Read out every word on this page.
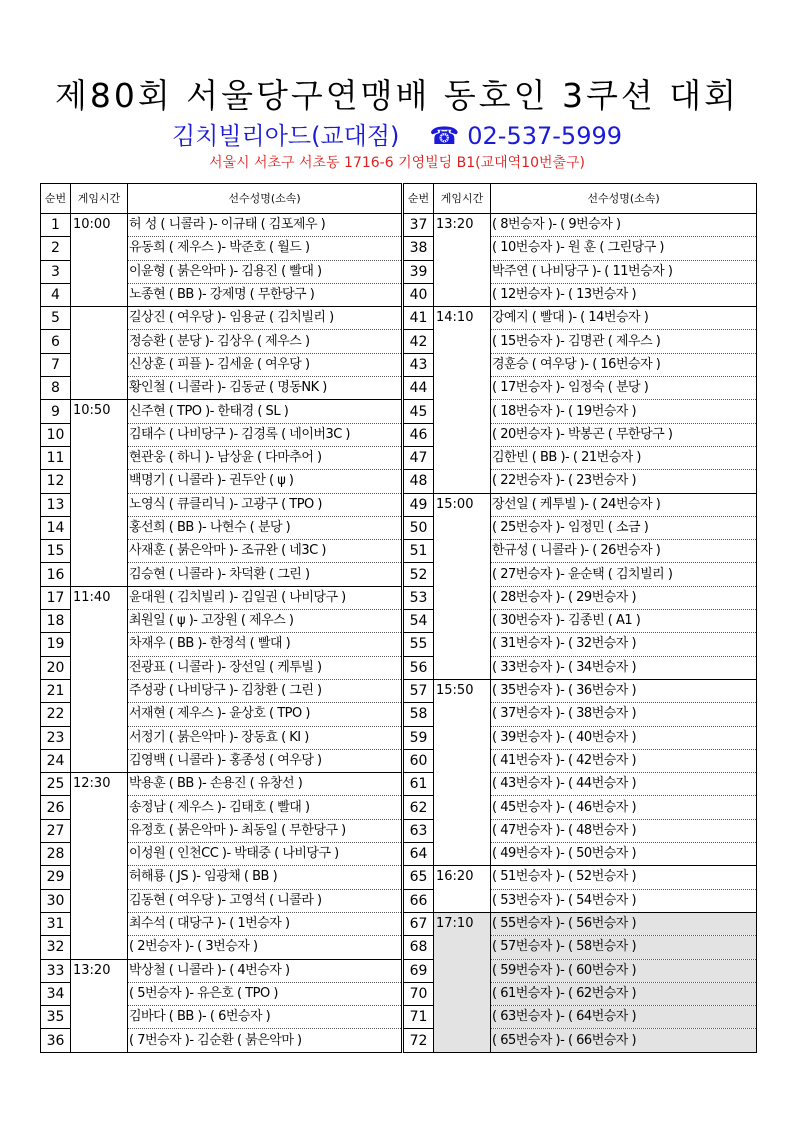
제80회 서울당구연맹배 동호인 3쿠션 대회
김치빌리아드(교대점) ☎ 02-537-5999
서울시 서초구 서초동 1716-6 기영빌딩 B1(교대역10번출구)
순번	게임시간	선수성명(소속)
1	10:00	허 성 ( 니콜라 )- 이규태 ( 김포제우 )
2		유동희 ( 제우스 )- 박준호 ( 월드 )
3		이윤형 ( 붉은악마 )- 김용진 ( 빨대 )
4		노종현 ( BB )- 강제명 ( 무한당구 )
5		길상진 ( 여우당 )- 임용균 ( 김치빌리 )
6		정승환 ( 분당 )- 김상우 ( 제우스 )
7		신상훈 ( 피플 )- 김세윤 ( 여우당 )
8		황인철 ( 니콜라 )- 김동균 ( 명동NK )
9	10:50	신주현 ( TPO )- 한태경 ( SL )
10		김태수 ( 나비당구 )- 김경록 ( 네이버3C )
11		현관웅 ( 하니 )- 남상윤 ( 다마추어 )
12		백명기 ( 니콜라 )- 권두안 ( ψ )
13		노영식 ( 큐클리닉 )- 고광구 ( TPO )
14		홍선희 ( BB )- 나현수 ( 분당 )
15		사재훈 ( 붉은악마 )- 조규완 ( 네3C )
16		김승현 ( 니콜라 )- 차덕환 ( 그린 )
17	11:40	윤대원 ( 김치빌리 )- 김일권 ( 나비당구 )
18		최원일 ( ψ )- 고장원 ( 제우스 )
19		차재우 ( BB )- 한정석 ( 빨대 )
20		전광표 ( 니콜라 )- 장선일 ( 케투빌 )
21		주성광 ( 나비당구 )- 김창환 ( 그린 )
22		서재현 ( 제우스 )- 윤상호 ( TPO )
23		서정기 ( 붉은악마 )- 장동효 ( KI )
24		김영백 ( 니콜라 )- 홍종성 ( 여우당 )
25	12:30	박용훈 ( BB )- 손용진 ( 유창선 )
26		송정남 ( 제우스 )- 김태호 ( 빨대 )
27		유정호 ( 붉은악마 )- 최동일 ( 무한당구 )
28		이성원 ( 인천CC )- 박태중 ( 나비당구 )
29		허해룡 ( JS )- 임광채 ( BB )
30		김동현 ( 여우당 )- 고영석 ( 니콜라 )
31		최수석 ( 대당구 )- ( 1번승자 )
32		( 2번승자 )- ( 3번승자 )
33	13:20	박상철 ( 니콜라 )- ( 4번승자 )
34		( 5번승자 )- 유은호 ( TPO )
35		김바다 ( BB )- ( 6번승자 )
36		( 7번승자 )- 김순환 ( 붉은악마 )
순번	게임시간	선수성명(소속)
37	13:20	( 8번승자 )- ( 9번승자 )
38		( 10번승자 )- 원 훈 ( 그린당구 )
39		박주연 ( 나비당구 )- ( 11번승자 )
40		( 12번승자 )- ( 13번승자 )
41	14:10	강예지 ( 빨대 )- ( 14번승자 )
42		( 15번승자 )- 김명관 ( 제우스 )
43		경훈승 ( 여우당 )- ( 16번승자 )
44		( 17번승자 )- 임정숙 ( 분당 )
45		( 18번승자 )- ( 19번승자 )
46		( 20번승자 )- 박봉곤 ( 무한당구 )
47		김한빈 ( BB )- ( 21번승자 )
48		( 22번승자 )- ( 23번승자 )
49	15:00	장선일 ( 케투빌 )- ( 24번승자 )
50		( 25번승자 )- 임정민 ( 소금 )
51		한규성 ( 니콜라 )- ( 26번승자 )
52		( 27번승자 )- 윤순택 ( 김치빌리 )
53		( 28번승자 )- ( 29번승자 )
54		( 30번승자 )- 김종빈 ( A1 )
55		( 31번승자 )- ( 32번승자 )
56		( 33번승자 )- ( 34번승자 )
57	15:50	( 35번승자 )- ( 36번승자 )
58		( 37번승자 )- ( 38번승자 )
59		( 39번승자 )- ( 40번승자 )
60		( 41번승자 )- ( 42번승자 )
61		( 43번승자 )- ( 44번승자 )
62		( 45번승자 )- ( 46번승자 )
63		( 47번승자 )- ( 48번승자 )
64		( 49번승자 )- ( 50번승자 )
65	16:20	( 51번승자 )- ( 52번승자 )
66		( 53번승자 )- ( 54번승자 )
67	17:10	( 55번승자 )- ( 56번승자 )
68		( 57번승자 )- ( 58번승자 )
69		( 59번승자 )- ( 60번승자 )
70		( 61번승자 )- ( 62번승자 )
71		( 63번승자 )- ( 64번승자 )
72		( 65번승자 )- ( 66번승자 )
